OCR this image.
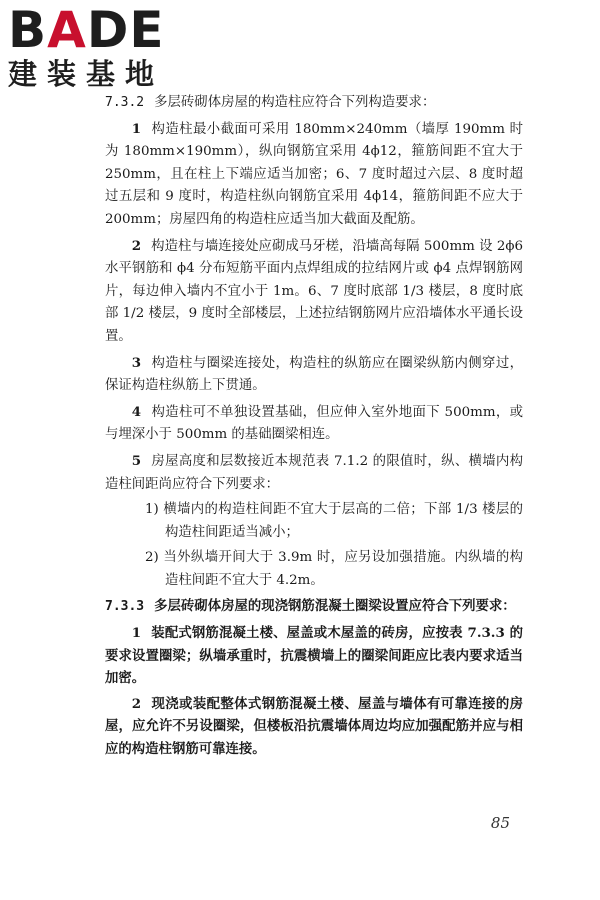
B A DE
建装基地

7.3.2 多层砖砌体房屋的构造柱应符合下列构造要求：

1 构造柱最小截面可采用 180mm×240mm（墙厚 190mm 时为 180mm×190mm），纵向钢筋宜采用 4ϕ12，箍筋间距不宜大于 250mm，且在柱上下端应适当加密；6、7 度时超过六层、8 度时超过五层和 9 度时，构造柱纵向钢筋宜采用 4ϕ14，箍筋间距不应大于 200mm；房屋四角的构造柱应适当加大截面及配筋。

2 构造柱与墙连接处应砌成马牙槎，沿墙高每隔 500mm 设 2ϕ6 水平钢筋和 ϕ4 分布短筋平面内点焊组成的拉结网片或 ϕ4 点焊钢筋网片，每边伸入墙内不宜小于 1m。6、7 度时底部 1/3 楼层，8 度时底部 1/2 楼层，9 度时全部楼层，上述拉结钢筋网片应沿墙体水平通长设置。

3 构造柱与圈梁连接处，构造柱的纵筋应在圈梁纵筋内侧穿过，保证构造柱纵筋上下贯通。

4 构造柱可不单独设置基础，但应伸入室外地面下 500mm，或与埋深小于 500mm 的基础圈梁相连。

5 房屋高度和层数接近本规范表 7.1.2 的限值时，纵、横墙内构造柱间距尚应符合下列要求：

1) 横墙内的构造柱间距不宜大于层高的二倍；下部 1/3 楼层的构造柱间距适当减小；

2) 当外纵墙开间大于 3.9m 时，应另设加强措施。内纵墙的构造柱间距不宜大于 4.2m。

7.3.3 多层砖砌体房屋的现浇钢筋混凝土圈梁设置应符合下列要求：

1 装配式钢筋混凝土楼、屋盖或木屋盖的砖房，应按表 7.3.3 的要求设置圈梁；纵墙承重时，抗震横墙上的圈梁间距应比表内要求适当加密。

2 现浇或装配整体式钢筋混凝土楼、屋盖与墙体有可靠连接的房屋，应允许不另设圈梁，但楼板沿抗震墙体周边均应加强配筋并应与相应的构造柱钢筋可靠连接。

85
